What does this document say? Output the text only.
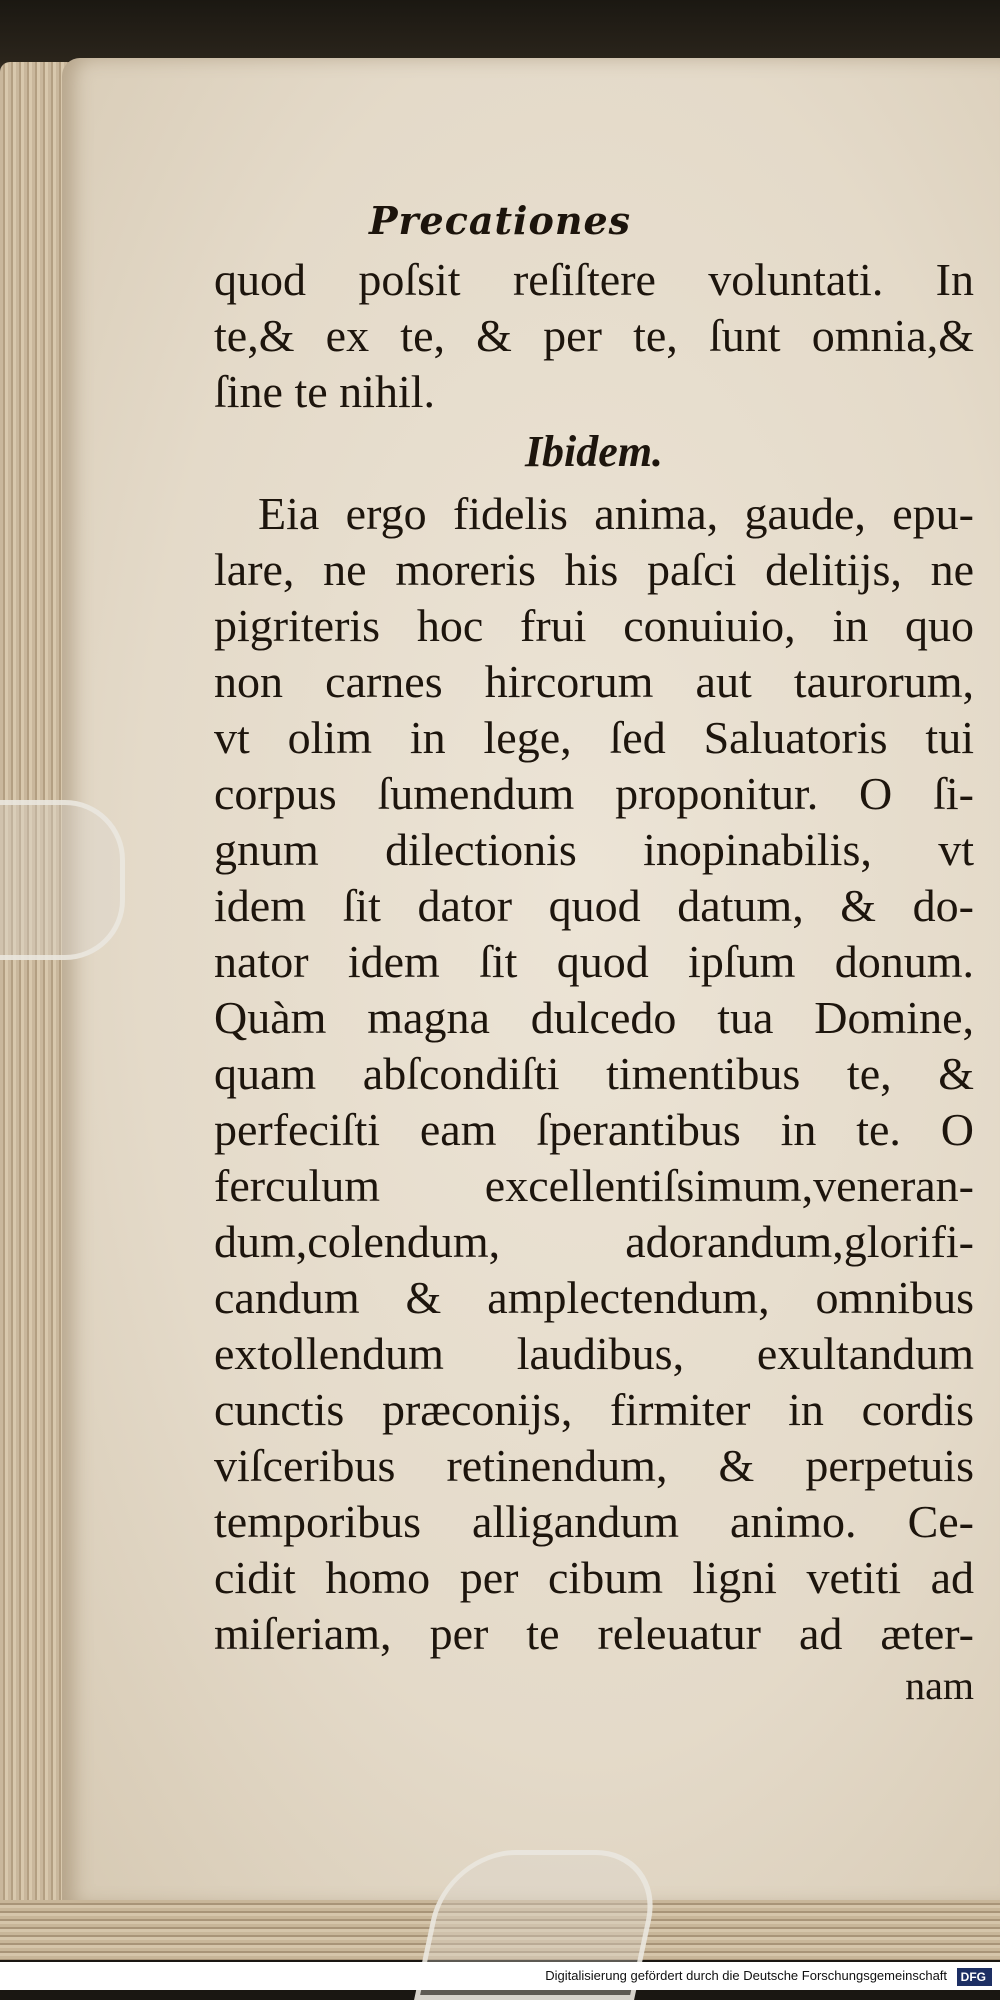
Precationes
quod poſsit reſiſtere voluntati. In
te,& ex te, & per te, ſunt omnia,&
ſine te nihil.
Ibidem.
Eia ergo fidelis anima, gaude, epu-
lare, ne moreris his paſci delitijs, ne
pigriteris hoc frui conuiuio, in quo
non carnes hircorum aut taurorum,
vt olim in lege, ſed Saluatoris tui
corpus ſumendum proponitur. O ſi-
gnum dilectionis inopinabilis, vt
idem ſit dator quod datum, & do-
nator idem ſit quod ipſum donum.
Quàm magna dulcedo tua Domine,
quam abſcondiſti timentibus te, &
perfeciſti eam ſperantibus in te. O
ferculum excellentiſsimum,veneran-
dum,colendum, adorandum,glorifi-
candum & amplectendum, omnibus
extollendum laudibus, exultandum
cunctis præconijs, firmiter in cordis
viſceribus retinendum, & perpetuis
temporibus alligandum animo. Ce-
cidit homo per cibum ligni vetiti ad
miſeriam, per te releuatur ad æter-
nam
Digitalisierung gefördert durch die Deutsche Forschungsgemeinschaft DFG
